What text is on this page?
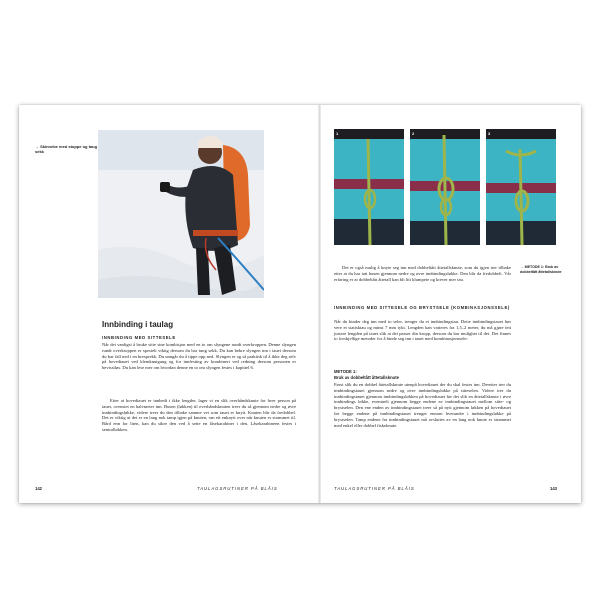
→ Skinnebe med stoppe og taug sekk
Innbinding i taulag
INNBINDING MED SITTESELE

Når det vanligst å bruke sitte sine kombisjon med en to om slyngene rundt overkroppen. Denne slyngen rundt overkroppen er spesielt viktig dersom du bar tung sekk. Du kan bekre slyngen inn i tauet dersom du bar fall ned i en bresprekk. Du unngår du å tippe opp ned. Slyngen er og så praktisk til å ikke deg selv på hovedtauet ved klemknutgang og for innfesting av kombinert ved redning dersom personen er bevisstløs. Du kan lese mer om hvordan denne en to om slyngen festes i kapittel 6.

Etter at hovedtauet er innbedt i ikke lengder, lager vi en slik overhåndsknute for hver person på tauet, ovenstet en halvmeter inn. Busen (løkken) til overhåndsknuten treer du så gjennom nedre og øvre innbindingsløkke, videre treer du den tilbake samme vei som tauet er knytt. Knuten blir da fredobbel. Det er viktig at det er en lang nok tamp igjen på knuten, om ett enknytt over når knuten er strammet til. Bård enn for liten, kan du sikre den ved å sette en låsekarabiner i den. Låsekarabineen festes i sentralløkken.

142	TAULAGSRUTINER PÅ BLÅIS
1	2	3

Det er også mulig å knyte seg inn med dobbeltått åttetallsknute, som du igjen trer tilbake etter at du har tatt busen gjennom nedre og øvre innbindingsløkke. Den blir da fredobbelt. Vår erfaring er at dobbeltått åttetall kan bli litt klumpete og krever mer tau.

→ METODE 1: Bruk av dobbeltått åttetallsknute
INNBINDING MED SITTESELE OG BRYSTSELE (KOMBINASJONSSELE)

Når du binder deg inn med to seler, trenger du et innbindingstau. Dette innbindingstauet bør vere et statisktau og minst 7 mm tykt. Lengden kan varieres fra 1,5–2 meter, du må gjøre tett justere lengden på tauet slik at det passer din kropp, dersom du bar mulighet til det. Det finnes to forskjellige metoder for å binde seg inn i tauet med kombinasjonssele:

METODE 1:
Bruk av dobbeltått åttetallsknute

Først slik du en dobbel åttetallsknute utenpå hovedtauet der du skal festes inn. Deretter trer du innbindingstauet gjennom nedre og øvre innbindingsløkke på sitteselen. Videre trer du innbindingstauet gjennom innbindingsløkken på hovedtauet før det slik en åttetallsknute i øvre innbindings løkke, eventuelt gjennom begge endene av innbindingstauet mellom sitte- og brystselen. Den ene enden av innbindingstauet treer så på nytt gjennom løkken på hovedtauet før begge endene på innbindingstauet trenger ennom hverandre i innbindingsløkke på brystselen. Tamp endene fra innbindingstauet må avsluttes av en lang nok knute er strammet med enkel eller dobbel fiskeknute.

TAULAGSRUTINER PÅ BLÅIS	143
